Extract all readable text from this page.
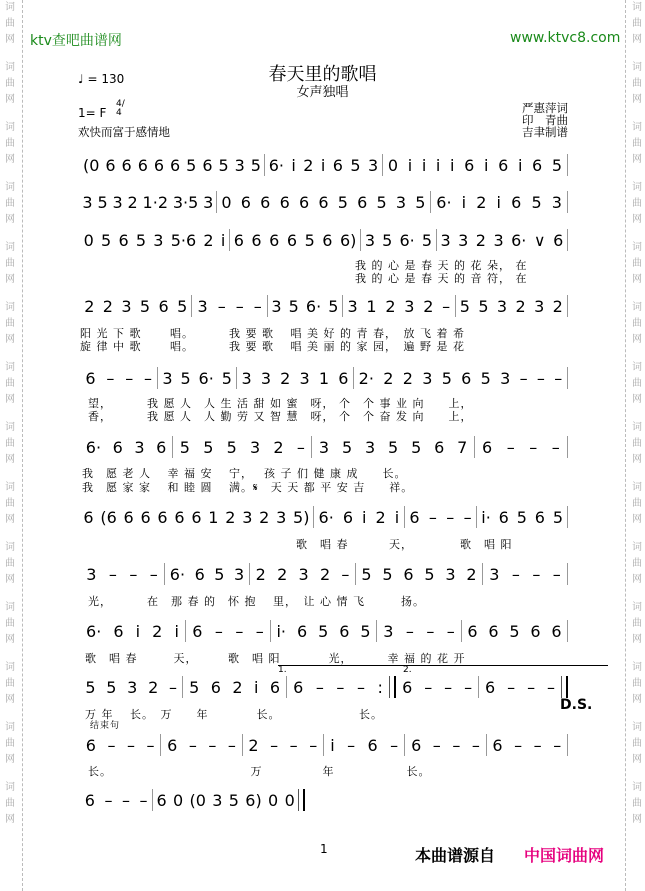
词
曲
网
词
曲
网
词
曲
网
词
曲
网
词
曲
网
词
曲
网
词
曲
网
词
曲
网
词
曲
网
词
曲
网
词
曲
网
词
曲
网
词
曲
网
词
曲
网
词
曲
网
词
曲
网
词
曲
网
词
曲
网
词
曲
网
词
曲
网
词
曲
网
词
曲
网
词
曲
网
词
曲
网
词
曲
网
词
曲
网
词
曲
网
词
曲
网
ktv查吧曲谱网	www.ktvc8.com
春天里的歌唱
女声独唱
♩ = 130
1= F
4/4
欢快而富于感情地
严惠萍词
印　青曲
吉聿制谱
(0 6 6 6 6 6 5 6 5 3 5 6· i 2 i 6 5 3 0 i i i i 6 i 6 i 6 5
3 5 3 2 1·2 3·5 3 0 6 6 6 6 6 5 6 5 3 5 6· i 2 i 6 5 3
0 5 6 5 3 5·6 2 i 6 6 6 6 5 6 6) 3 5 6· 5 3 3 2 3 6· ∨ 6
我 的 心 是 春 天 的 花 朵， 在
我 的 心 是 春 天 的 音 符， 在
2 2 3 5 6 5 3 – – – 3 5 6· 5 3 1 2 3 2 – 5 5 3 2 3 2
阳 光 下 歌　　 唱。　　　 我 要 歌　 唱 美 好 的 青 春，　放 飞 着 希
旋 律 中 歌　　 唱。　　　 我 要 歌　 唱 美 丽 的 家 园，　遍 野 是 花
6 – – – 3 5 6· 5 3 3 2 3 1 6 2· 2 2 3 5 6 5 3 – – –
望，　　　 我 愿 人　人 生 活 甜 如 蜜　呀， 个　个 事 业 向　　上，
香，　　　 我 愿 人　人 勤 劳 又 智 慧　呀， 个　个 奋 发 向　　上，
6· 6 3 6 5 5 5 3 2 – 3 5 3 5 5 6 7 6 – – –
我　愿 老 人　 幸 福 安　 宁，　 孩 子 们 健 康 成　　长。
我　愿 家 家　 和 睦 圆　 满。𝄋　天 天 都 平 安 吉　　祥。
6 (6 6 6 6 6 6 1 2 3 2 3 5) 6· 6 i 2 i 6 – – – i· 6 5 6 5
歌　唱 春　　　 天，　　　　 歌　唱 阳
3 – – – 6· 6 5 3 2 2 3 2 – 5 5 6 5 3 2 3 – – –
光，　　　 在　那 春 的　怀 抱　 里，　让 心 情 飞　　　扬。
6· 6 i 2 i 6 – – – i· 6 5 6 5 3 – – – 6 6 5 6 6
歌　唱 春　　　天，　　　歌　唱 阳　　　　光，　　　 幸 福 的 花 开
5 5 3 2 – 5 6 2 i 6 6 – – – : 6 – – – 6 – – –
万 年　 长。　万　　年　　　　长。　　　　　　　长。
6 – – – 6 – – – 2 – – – i – 6 – 6 – – – 6 – – –
长。　　　　　　　　　　　　万　　　　　年　　　　　　长。
结束句
6 – – – 6 0 (0 3 5 6) 0 0
1.	2.
D.S.
1	本曲谱源自 中国词曲网
